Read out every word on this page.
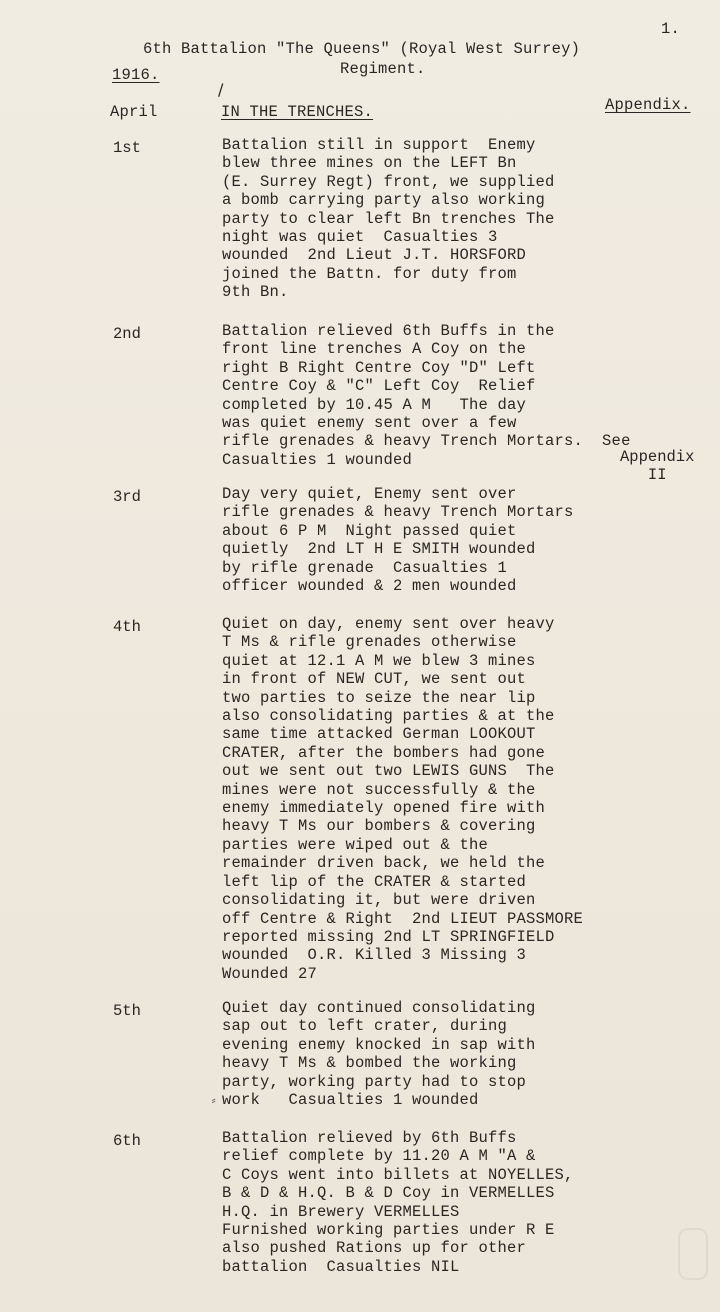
1.
6th Battalion "The Queens" (Royal West Surrey)
Regiment.
1916.
/
April	IN THE TRENCHES.	Appendix.
1st	Battalion still in support  Enemy
blew three mines on the LEFT Bn
(E. Surrey Regt) front, we supplied
a bomb carrying party also working
party to clear left Bn trenches The
night was quiet  Casualties 3
wounded  2nd Lieut J.T. HORSFORD
joined the Battn. for duty from
9th Bn.
2nd	Battalion relieved 6th Buffs in the
front line trenches A Coy on the
right B Right Centre Coy "D" Left
Centre Coy & "C" Left Coy  Relief
completed by 10.45 A M   The day
was quiet enemy sent over a few
rifle grenades & heavy Trench Mortars.  See
Casualties 1 wounded	Appendix
II
3rd	Day very quiet, Enemy sent over
rifle grenades & heavy Trench Mortars
about 6 P M  Night passed quiet
quietly  2nd LT H E SMITH wounded
by rifle grenade  Casualties 1
officer wounded & 2 men wounded
4th	Quiet on day, enemy sent over heavy
T Ms & rifle grenades otherwise
quiet at 12.1 A M we blew 3 mines
in front of NEW CUT, we sent out
two parties to seize the near lip
also consolidating parties & at the
same time attacked German LOOKOUT
CRATER, after the bombers had gone
out we sent out two LEWIS GUNS  The
mines were not successfully & the
enemy immediately opened fire with
heavy T Ms our bombers & covering
parties were wiped out & the
remainder driven back, we held the
left lip of the CRATER & started
consolidating it, but were driven
off Centre & Right  2nd LIEUT PASSMORE
reported missing 2nd LT SPRINGFIELD
wounded  O.R. Killed 3 Missing 3
Wounded 27
5th	Quiet day continued consolidating
sap out to left crater, during
evening enemy knocked in sap with
heavy T Ms & bombed the working
party, working party had to stop
work   Casualties 1 wounded
⸗
6th	Battalion relieved by 6th Buffs
relief complete by 11.20 A M "A &
C Coys went into billets at NOYELLES,
B & D & H.Q. B & D Coy in VERMELLES
H.Q. in Brewery VERMELLES
Furnished working parties under R E
also pushed Rations up for other
battalion  Casualties NIL
